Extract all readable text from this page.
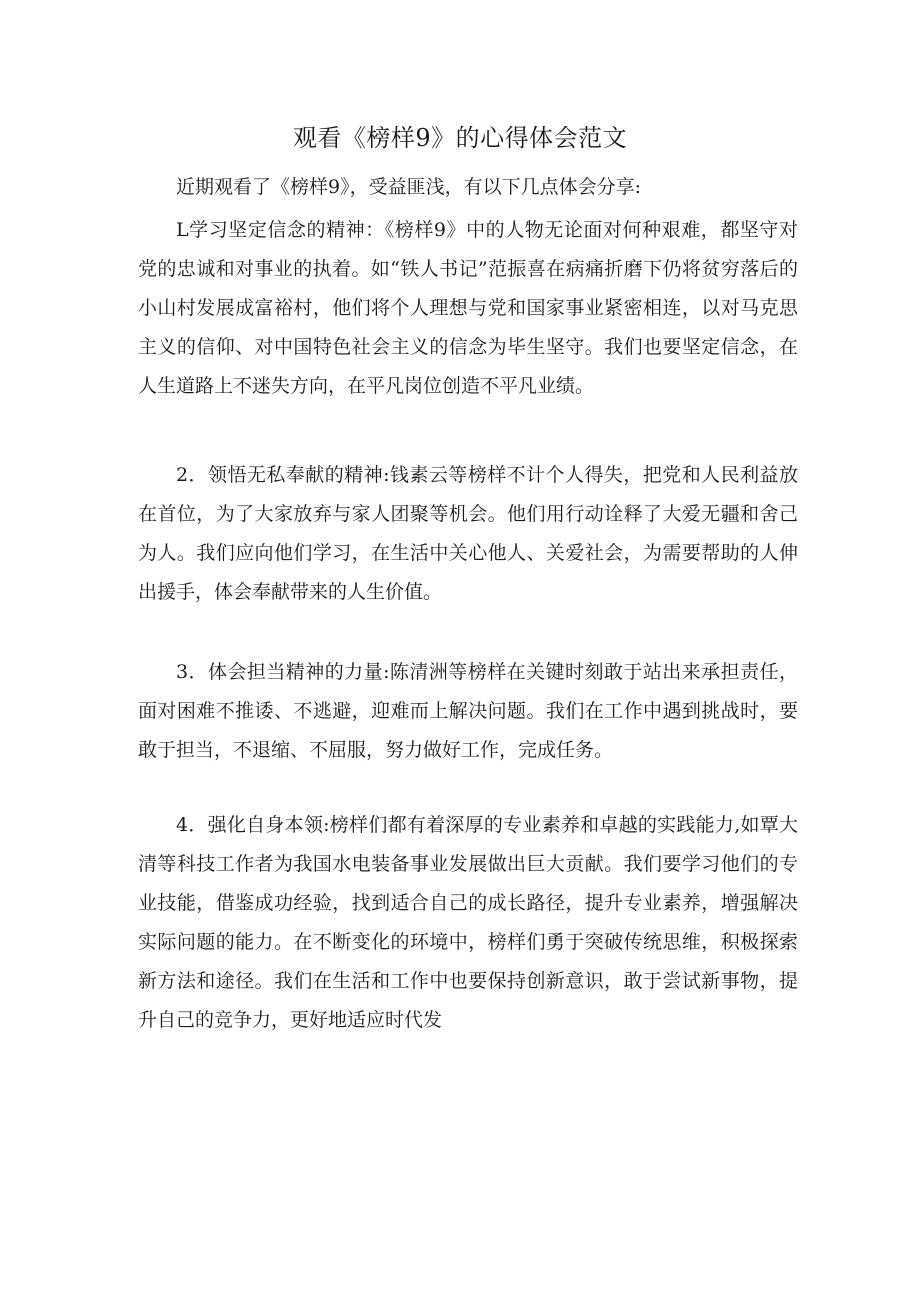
观看《榜样9》的心得体会范文

近期观看了《榜样9》，受益匪浅，有以下几点体会分享:

L学习坚定信念的精神：《榜样9》中的人物无论面对何种艰难，都坚守对党的忠诚和对事业的执着。如“铁人书记”范振喜在病痛折磨下仍将贫穷落后的小山村发展成富裕村，他们将个人理想与党和国家事业紧密相连，以对马克思主义的信仰、对中国特色社会主义的信念为毕生坚守。我们也要坚定信念，在人生道路上不迷失方向，在平凡岗位创造不平凡业绩。

2．领悟无私奉献的精神:钱素云等榜样不计个人得失，把党和人民利益放在首位，为了大家放弃与家人团聚等机会。他们用行动诠释了大爱无疆和舍己为人。我们应向他们学习，在生活中关心他人、关爱社会，为需要帮助的人伸出援手，体会奉献带来的人生价值。

3．体会担当精神的力量:陈清洲等榜样在关键时刻敢于站出来承担责任，面对困难不推诿、不逃避，迎难而上解决问题。我们在工作中遇到挑战时，要敢于担当，不退缩、不屈服，努力做好工作，完成任务。

4．强化自身本领:榜样们都有着深厚的专业素养和卓越的实践能力,如覃大清等科技工作者为我国水电装备事业发展做出巨大贡献。我们要学习他们的专业技能，借鉴成功经验，找到适合自己的成长路径，提升专业素养，增强解决实际问题的能力。在不断变化的环境中，榜样们勇于突破传统思维，积极探索新方法和途径。我们在生活和工作中也要保持创新意识，敢于尝试新事物，提升自己的竞争力，更好地适应时代发
